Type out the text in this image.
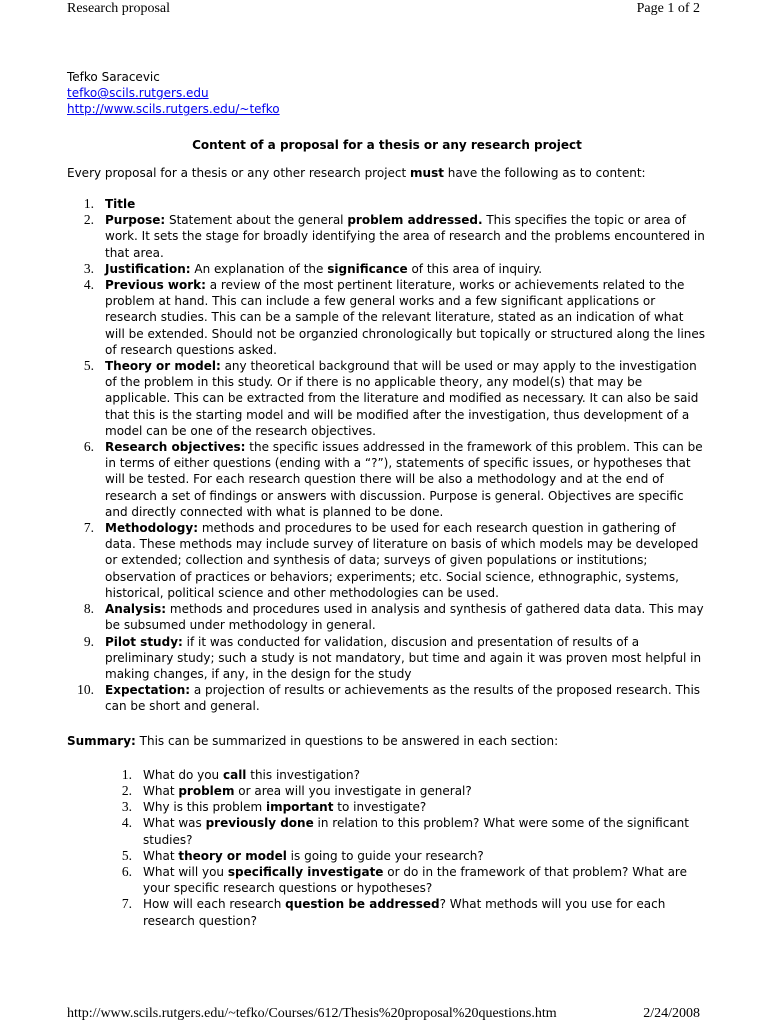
Research proposal	Page 1 of 2
Tefko Saracevic
tefko@scils.rutgers.edu
http://www.scils.rutgers.edu/~tefko
Content of a proposal for a thesis or any research project
Every proposal for a thesis or any other research project must have the following as to content:
1. Title
2. Purpose: Statement about the general problem addressed. This specifies the topic or area of work. It sets the stage for broadly identifying the area of research and the problems encountered in that area.
3. Justification: An explanation of the significance of this area of inquiry.
4. Previous work: a review of the most pertinent literature, works or achievements related to the problem at hand. This can include a few general works and a few significant applications or research studies. This can be a sample of the relevant literature, stated as an indication of what will be extended. Should not be organzied chronologically but topically or structured along the lines of research questions asked.
5. Theory or model: any theoretical background that will be used or may apply to the investigation of the problem in this study. Or if there is no applicable theory, any model(s) that may be applicable. This can be extracted from the literature and modified as necessary. It can also be said that this is the starting model and will be modified after the investigation, thus development of a model can be one of the research objectives.
6. Research objectives: the specific issues addressed in the framework of this problem. This can be in terms of either questions (ending with a “?”), statements of specific issues, or hypotheses that will be tested. For each research question there will be also a methodology and at the end of research a set of findings or answers with discussion. Purpose is general. Objectives are specific and directly connected with what is planned to be done.
7. Methodology: methods and procedures to be used for each research question in gathering of data. These methods may include survey of literature on basis of which models may be developed or extended; collection and synthesis of data; surveys of given populations or institutions; observation of practices or behaviors; experiments; etc. Social science, ethnographic, systems, historical, political science and other methodologies can be used.
8. Analysis: methods and procedures used in analysis and synthesis of gathered data data. This may be subsumed under methodology in general.
9. Pilot study: if it was conducted for validation, discusion and presentation of results of a preliminary study; such a study is not mandatory, but time and again it was proven most helpful in making changes, if any, in the design for the study
10. Expectation: a projection of results or achievements as the results of the proposed research. This can be short and general.
Summary: This can be summarized in questions to be answered in each section:
1. What do you call this investigation?
2. What problem or area will you investigate in general?
3. Why is this problem important to investigate?
4. What was previously done in relation to this problem? What were some of the significant studies?
5. What theory or model is going to guide your research?
6. What will you specifically investigate or do in the framework of that problem? What are your specific research questions or hypotheses?
7. How will each research question be addressed? What methods will you use for each research question?
http://www.scils.rutgers.edu/~tefko/Courses/612/Thesis%20proposal%20questions.htm	2/24/2008
